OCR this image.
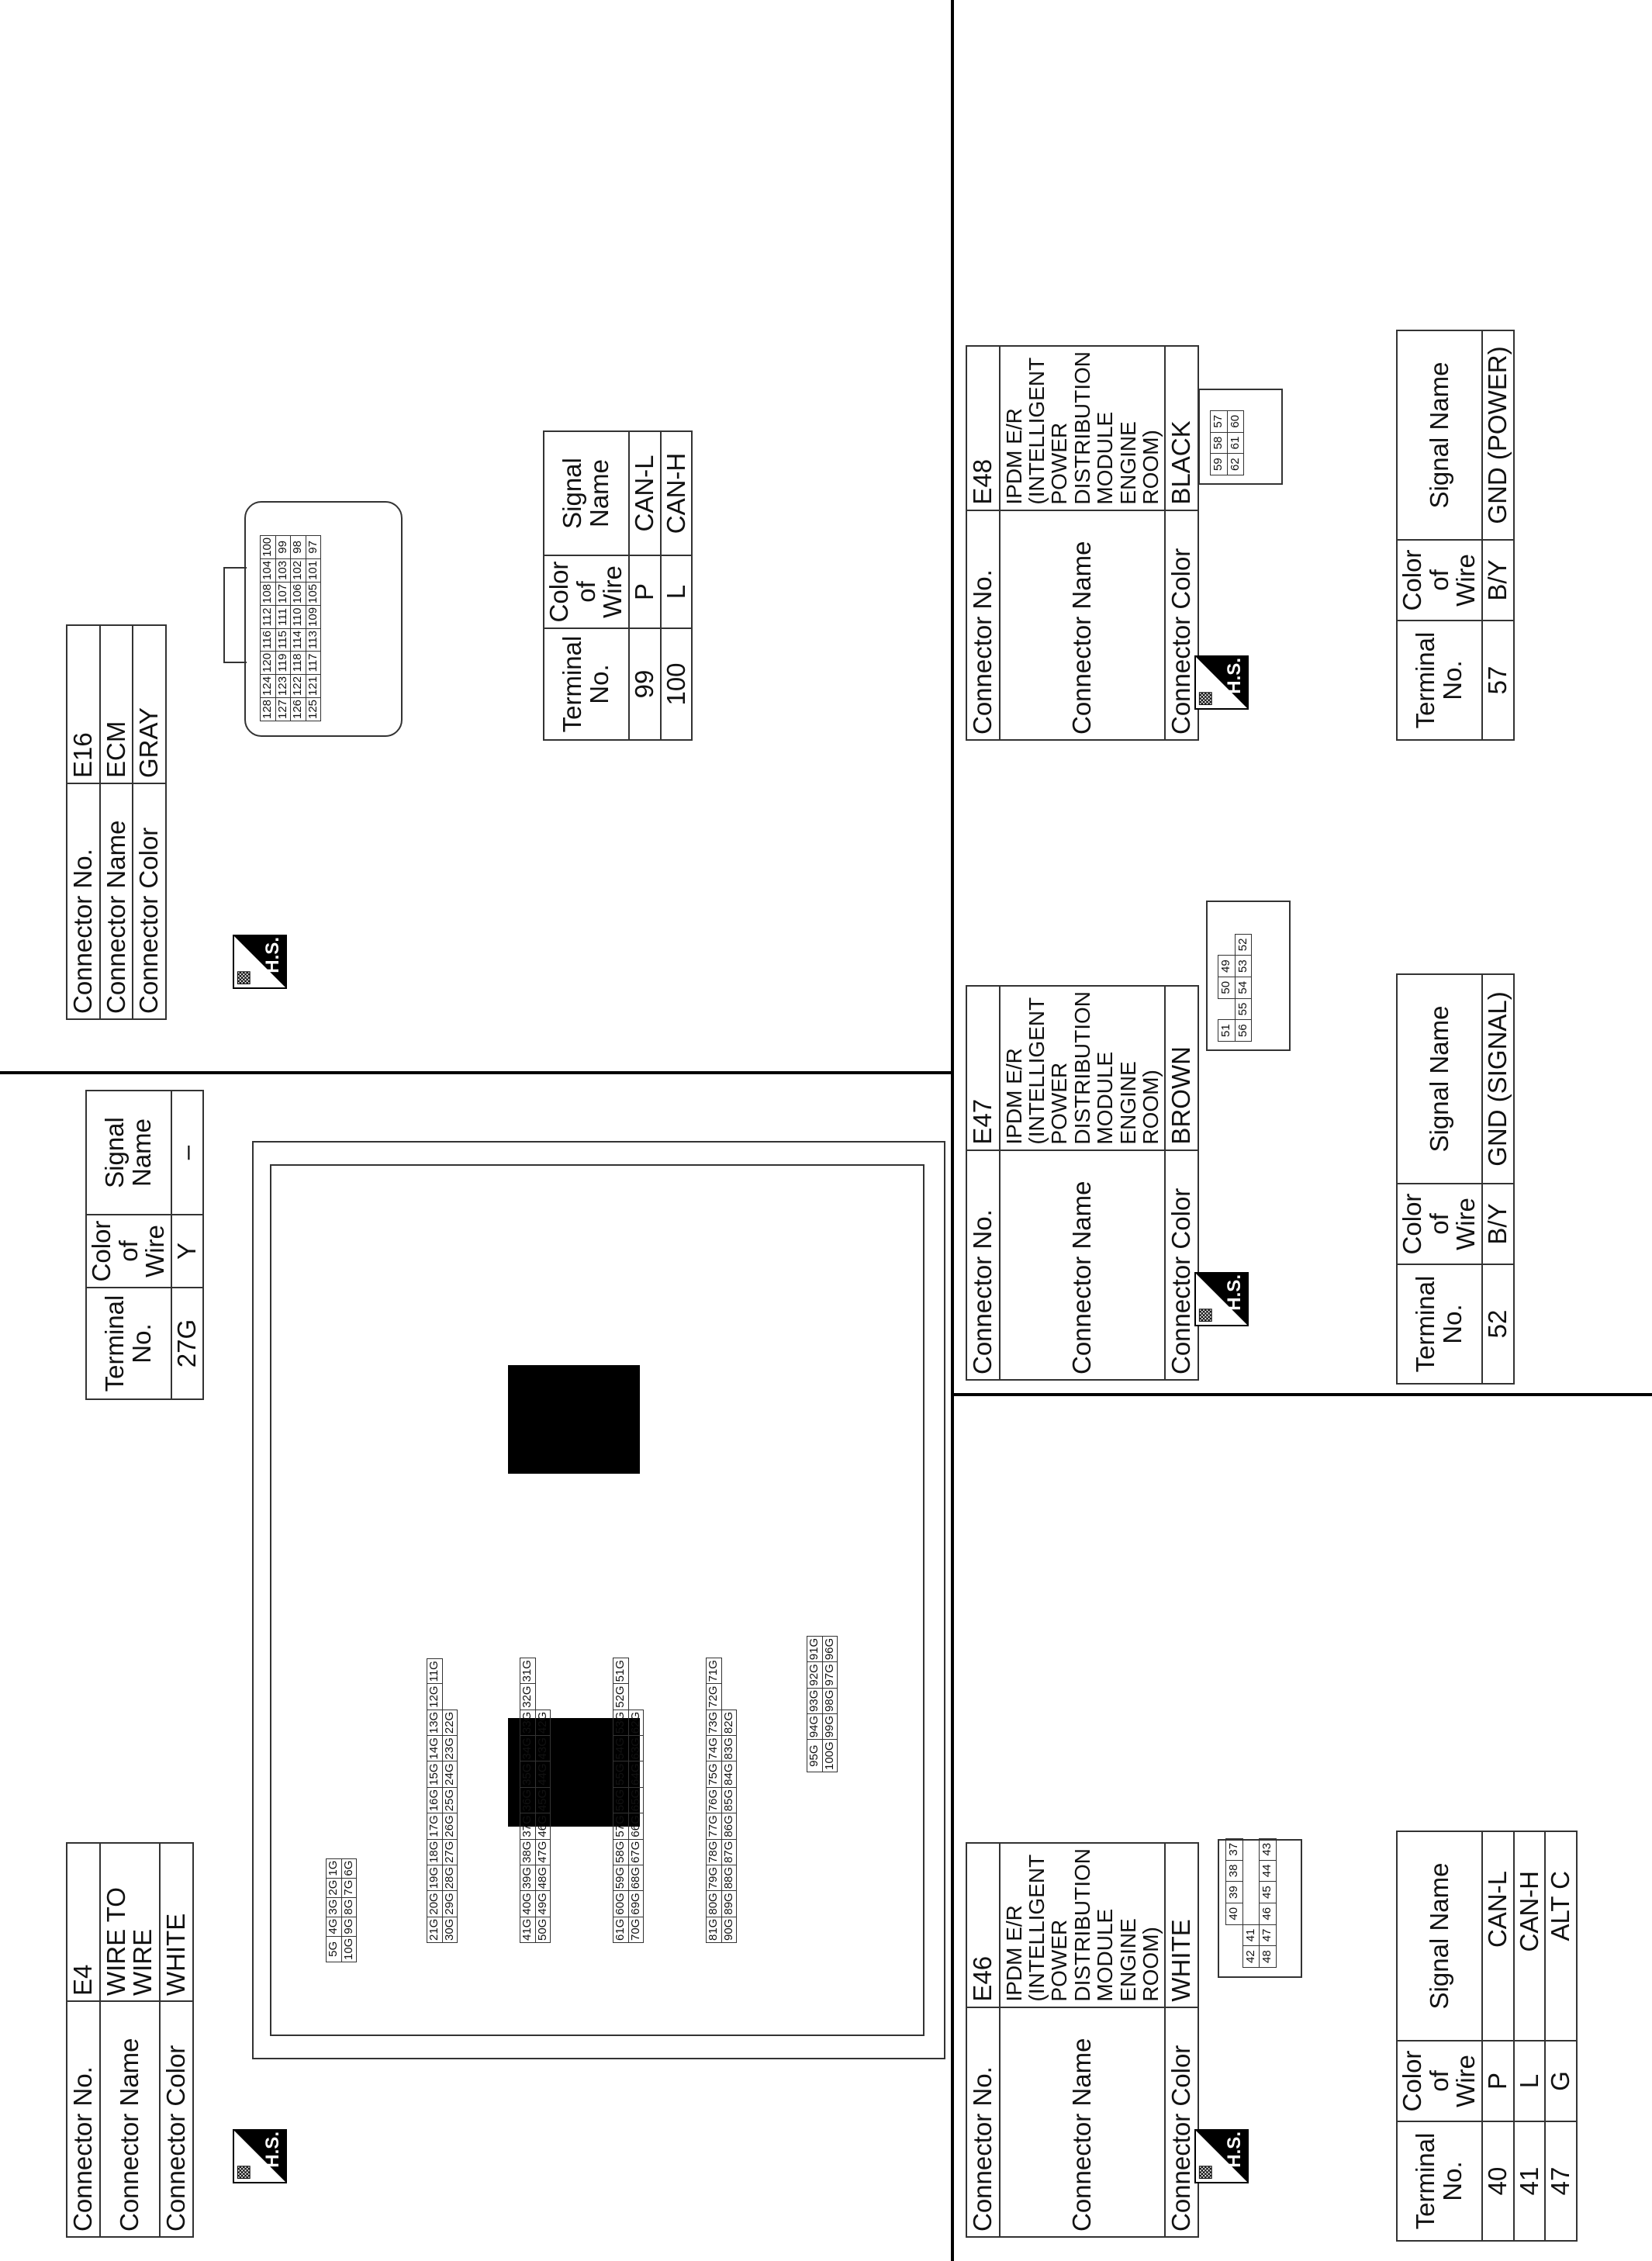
Connector No.	E4
Connector Name	WIRE TO WIRE
Connector Color	WHITE
▩
H.S.
5G	4G	3G	2G	1G
10G	9G	8G	7G	6G
21G	20G	19G	18G	17G	16G	15G	14G	13G	12G	11G
30G	29G	28G	27G	26G	25G	24G	23G	22G		
41G	40G	39G	38G	37G	36G	35G	34G	33G	32G	31G
50G	49G	48G	47G	46G	45G	44G	43G	42G		
61G	60G	59G	58G	57G	56G	55G	54G	53G	52G	51G
70G	69G	68G	67G	66G	65G	64G	63G	62G		
81G	80G	79G	78G	77G	76G	75G	74G	73G	72G	71G
90G	89G	88G	87G	86G	85G	84G	83G	82G		
95G	94G	93G	92G	91G
100G	99G	98G	97G	96G
Terminal No.	Color of Wire	Signal Name
27G	Y	–
Connector No.	E16
Connector Name	ECM
Connector Color	GRAY
▩
H.S.
128	124	120	116	112	108	104	100
127	123	119	115	111	107	103	99
126	122	118	114	110	106	102	98
125	121	117	113	109	105	101	97
Terminal No.	Color of Wire	Signal Name
99	P	CAN-L
100	L	CAN-H
Connector No.	E46
Connector Name	IPDM E/R (INTELLIGENT POWER DISTRIBUTION MODULE ENGINE ROOM)
Connector Color	WHITE
▩
H.S.
		40	39	38	37
42	41				
48	47	46	45	44	43
Terminal No.	Color of Wire	Signal Name
40	P	CAN-L
41	L	CAN-H
47	G	ALT C
Connector No.	E47
Connector Name	IPDM E/R (INTELLIGENT POWER DISTRIBUTION MODULE ENGINE ROOM)
Connector Color	BROWN
▩
H.S.
51		50	49	
56	55	54	53	52
Terminal No.	Color of Wire	Signal Name
52	B/Y	GND (SIGNAL)
Connector No.	E48
Connector Name	IPDM E/R (INTELLIGENT POWER DISTRIBUTION MODULE ENGINE ROOM)
Connector Color	BLACK
▩
H.S.
59	58	57
62	61	60
Terminal No.	Color of Wire	Signal Name
57	B/Y	GND (POWER)
